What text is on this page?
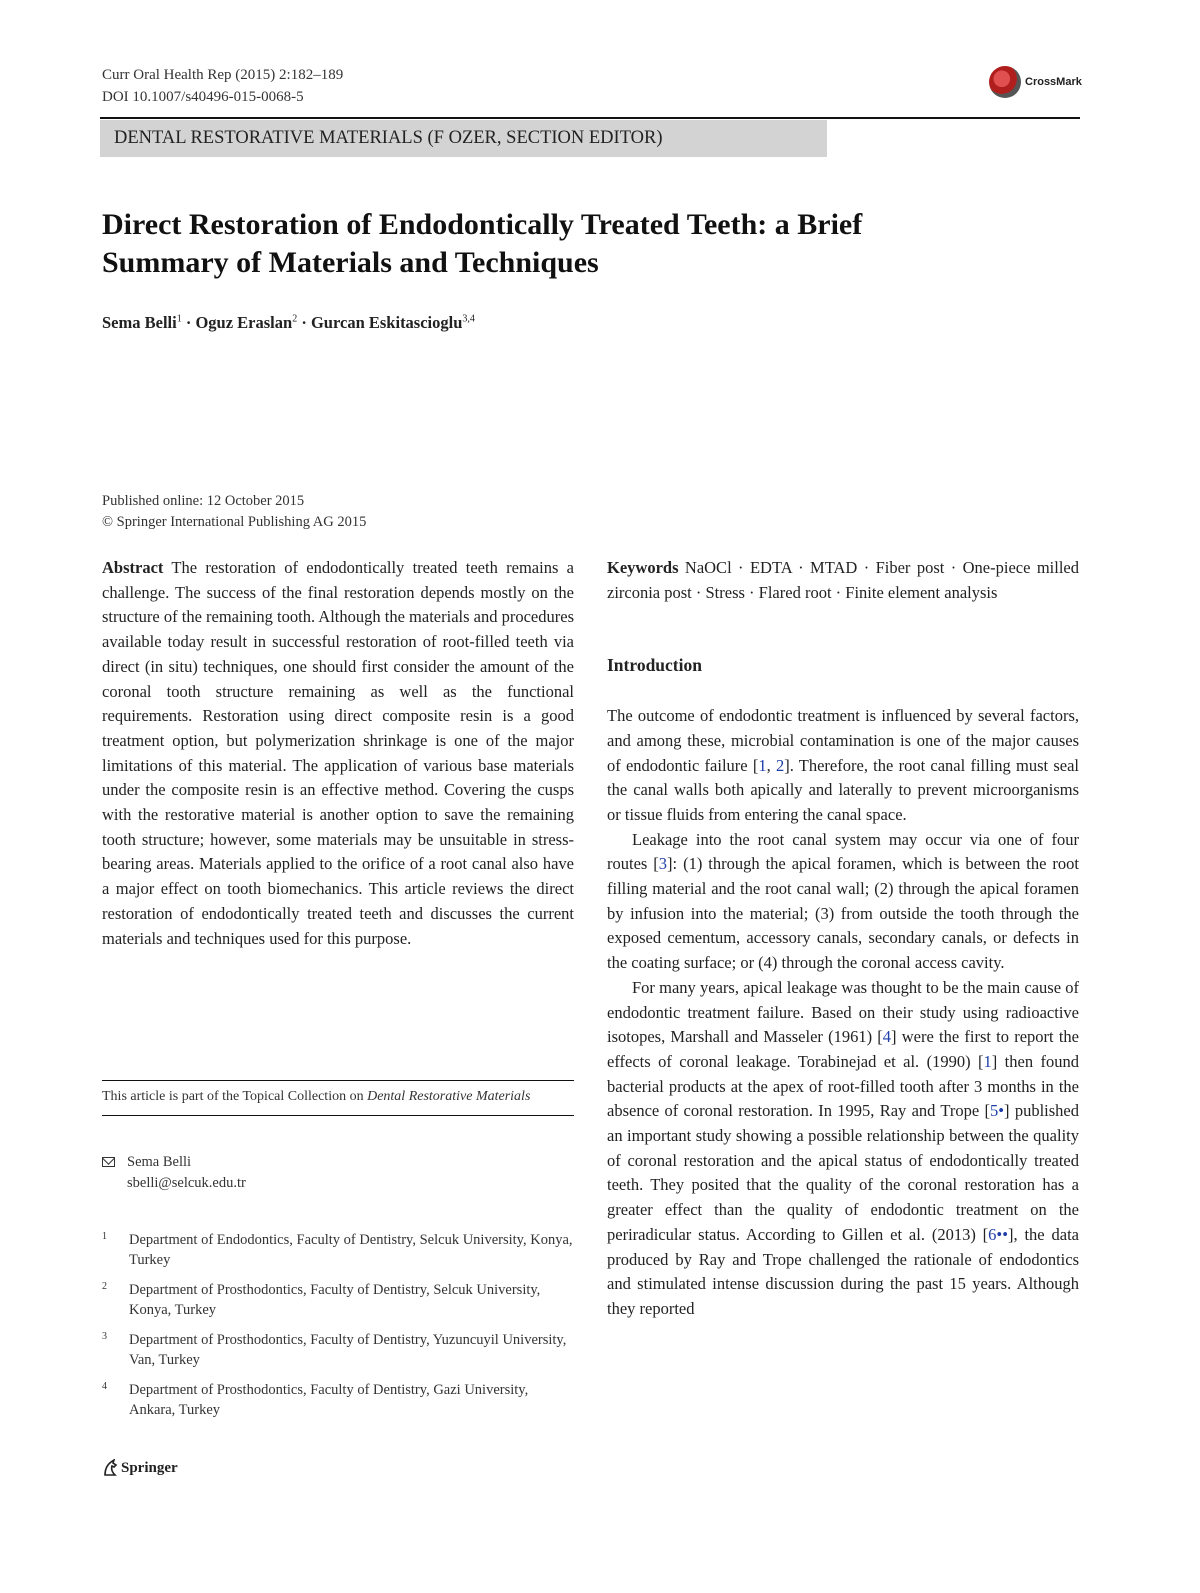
Curr Oral Health Rep (2015) 2:182–189
DOI 10.1007/s40496-015-0068-5
CrossMark
DENTAL RESTORATIVE MATERIALS (F OZER, SECTION EDITOR)
Direct Restoration of Endodontically Treated Teeth: a Brief
Summary of Materials and Techniques
Sema Belli$^1$ · Oguz Eraslan$^2$ · Gurcan Eskitascioglu$^{3,4}$
Published online: 12 October 2015
© Springer International Publishing AG 2015

Abstract The restoration of endodontically treated teeth remains a challenge. The success of the final restoration depends mostly on the structure of the remaining tooth. Although the materials and procedures available today result in successful restoration of root-filled teeth via direct (in situ) techniques, one should first consider the amount of the coronal tooth structure remaining as well as the functional requirements. Restoration using direct composite resin is a good treatment option, but polymerization shrinkage is one of the major limitations of this material. The application of various base materials under the composite resin is an effective method. Covering the cusps with the restorative material is another option to save the remaining tooth structure; however, some materials may be unsuitable in stress-bearing areas. Materials applied to the orifice of a root canal also have a major effect on tooth biomechanics. This article reviews the direct restoration of endodontically treated teeth and discusses the current materials and techniques used for this purpose.

This article is part of the Topical Collection on Dental Restorative Materials
Sema Belli
sbelli@selcuk.edu.tr
1	Department of Endodontics, Faculty of Dentistry, Selcuk University, Konya, Turkey
2	Department of Prosthodontics, Faculty of Dentistry, Selcuk University, Konya, Turkey
3	Department of Prosthodontics, Faculty of Dentistry, Yuzuncuyil University, Van, Turkey
4	Department of Prosthodontics, Faculty of Dentistry, Gazi University, Ankara, Turkey

Keywords NaOCl · EDTA · MTAD · Fiber post · One-piece milled zirconia post · Stress · Flared root · Finite element analysis

Introduction

The outcome of endodontic treatment is influenced by several factors, and among these, microbial contamination is one of the major causes of endodontic failure [1, 2]. Therefore, the root canal filling must seal the canal walls both apically and laterally to prevent microorganisms or tissue fluids from entering the canal space.

Leakage into the root canal system may occur via one of four routes [3]: (1) through the apical foramen, which is between the root filling material and the root canal wall; (2) through the apical foramen by infusion into the material; (3) from outside the tooth through the exposed cementum, accessory canals, secondary canals, or defects in the coating surface; or (4) through the coronal access cavity.

For many years, apical leakage was thought to be the main cause of endodontic treatment failure. Based on their study using radioactive isotopes, Marshall and Masseler (1961) [4] were the first to report the effects of coronal leakage. Torabinejad et al. (1990) [1] then found bacterial products at the apex of root-filled tooth after 3 months in the absence of coronal restoration. In 1995, Ray and Trope [5•] published an important study showing a possible relationship between the quality of coronal restoration and the apical status of endodontically treated teeth. They posited that the quality of the coronal restoration has a greater effect than the quality of endodontic treatment on the periradicular status. According to Gillen et al. (2013) [6••], the data produced by Ray and Trope challenged the rationale of endodontics and stimulated intense discussion during the past 15 years. Although they reported

Springer
